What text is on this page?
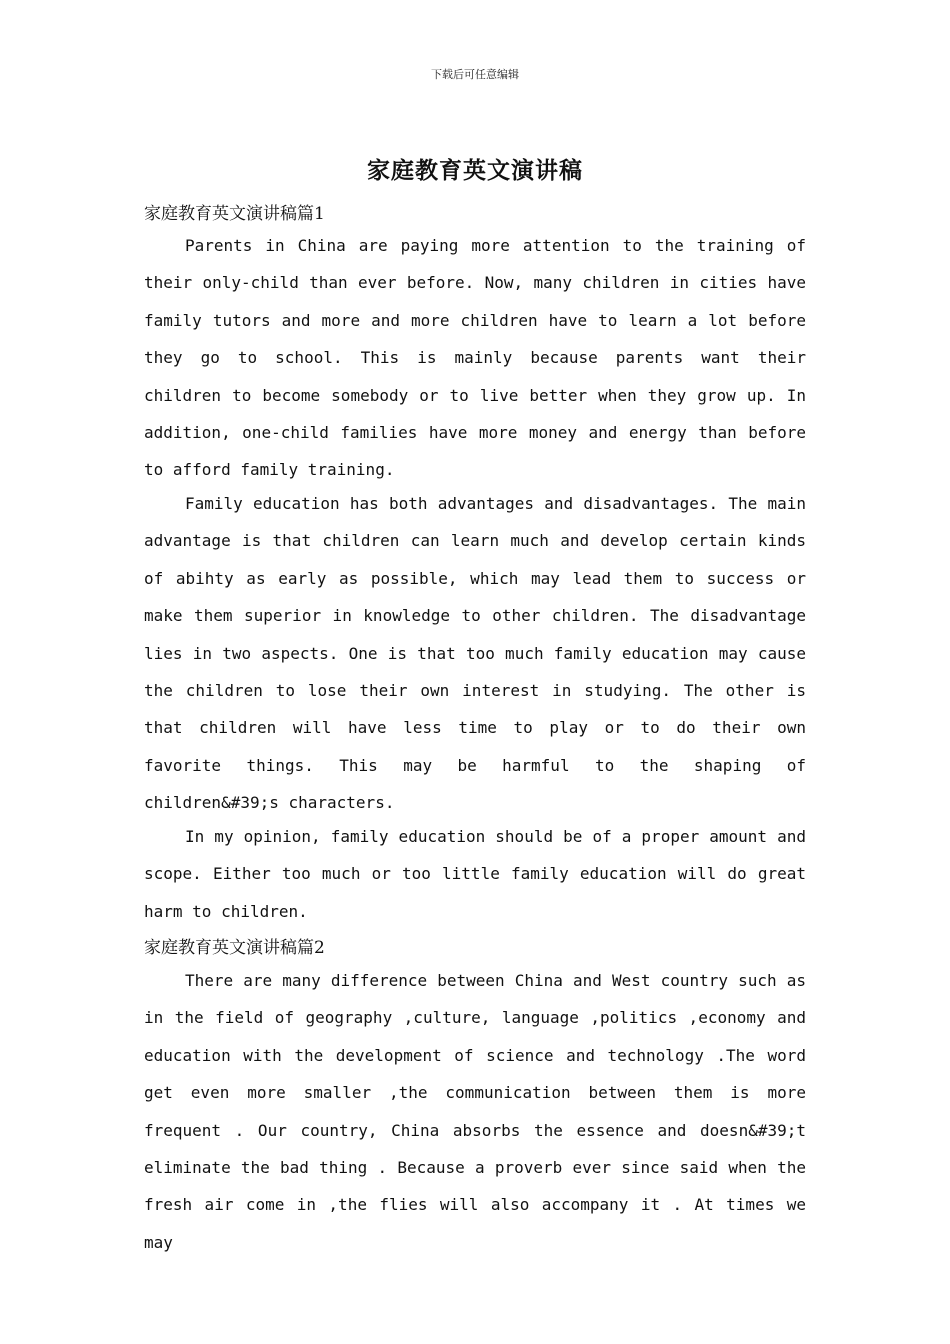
下载后可任意编辑
家庭教育英文演讲稿
家庭教育英文演讲稿篇1

Parents in China are paying more attention to the training of their only-child than ever before. Now, many children in cities have family tutors and more and more children have to learn a lot before they go to school. This is mainly because parents want their children to become somebody or to live better when they grow up. In addition, one-child families have more money and energy than before to afford family training.

Family education has both advantages and disadvantages. The main advantage is that children can learn much and develop certain kinds of abihty as early as possible, which may lead them to success or make them superior in knowledge to other children. The disadvantage lies in two aspects. One is that too much family education may cause the children to lose their own interest in studying. The other is that children will have less time to play or to do their own favorite things. This may be harmful to the shaping of children&#39;s characters.

In my opinion, family education should be of a proper amount and scope. Either too much or too little family education will do great harm to children.

家庭教育英文演讲稿篇2

There are many difference between China and West country such as in the field of geography ,culture, language ,politics ,economy and education with the development of science and technology .The word get even more smaller ,the communication between them is more frequent . Our country, China absorbs the essence and doesn&#39;t eliminate the bad thing . Because a proverb ever since said when the fresh air come in ,the flies will also accompany it . At times we may
